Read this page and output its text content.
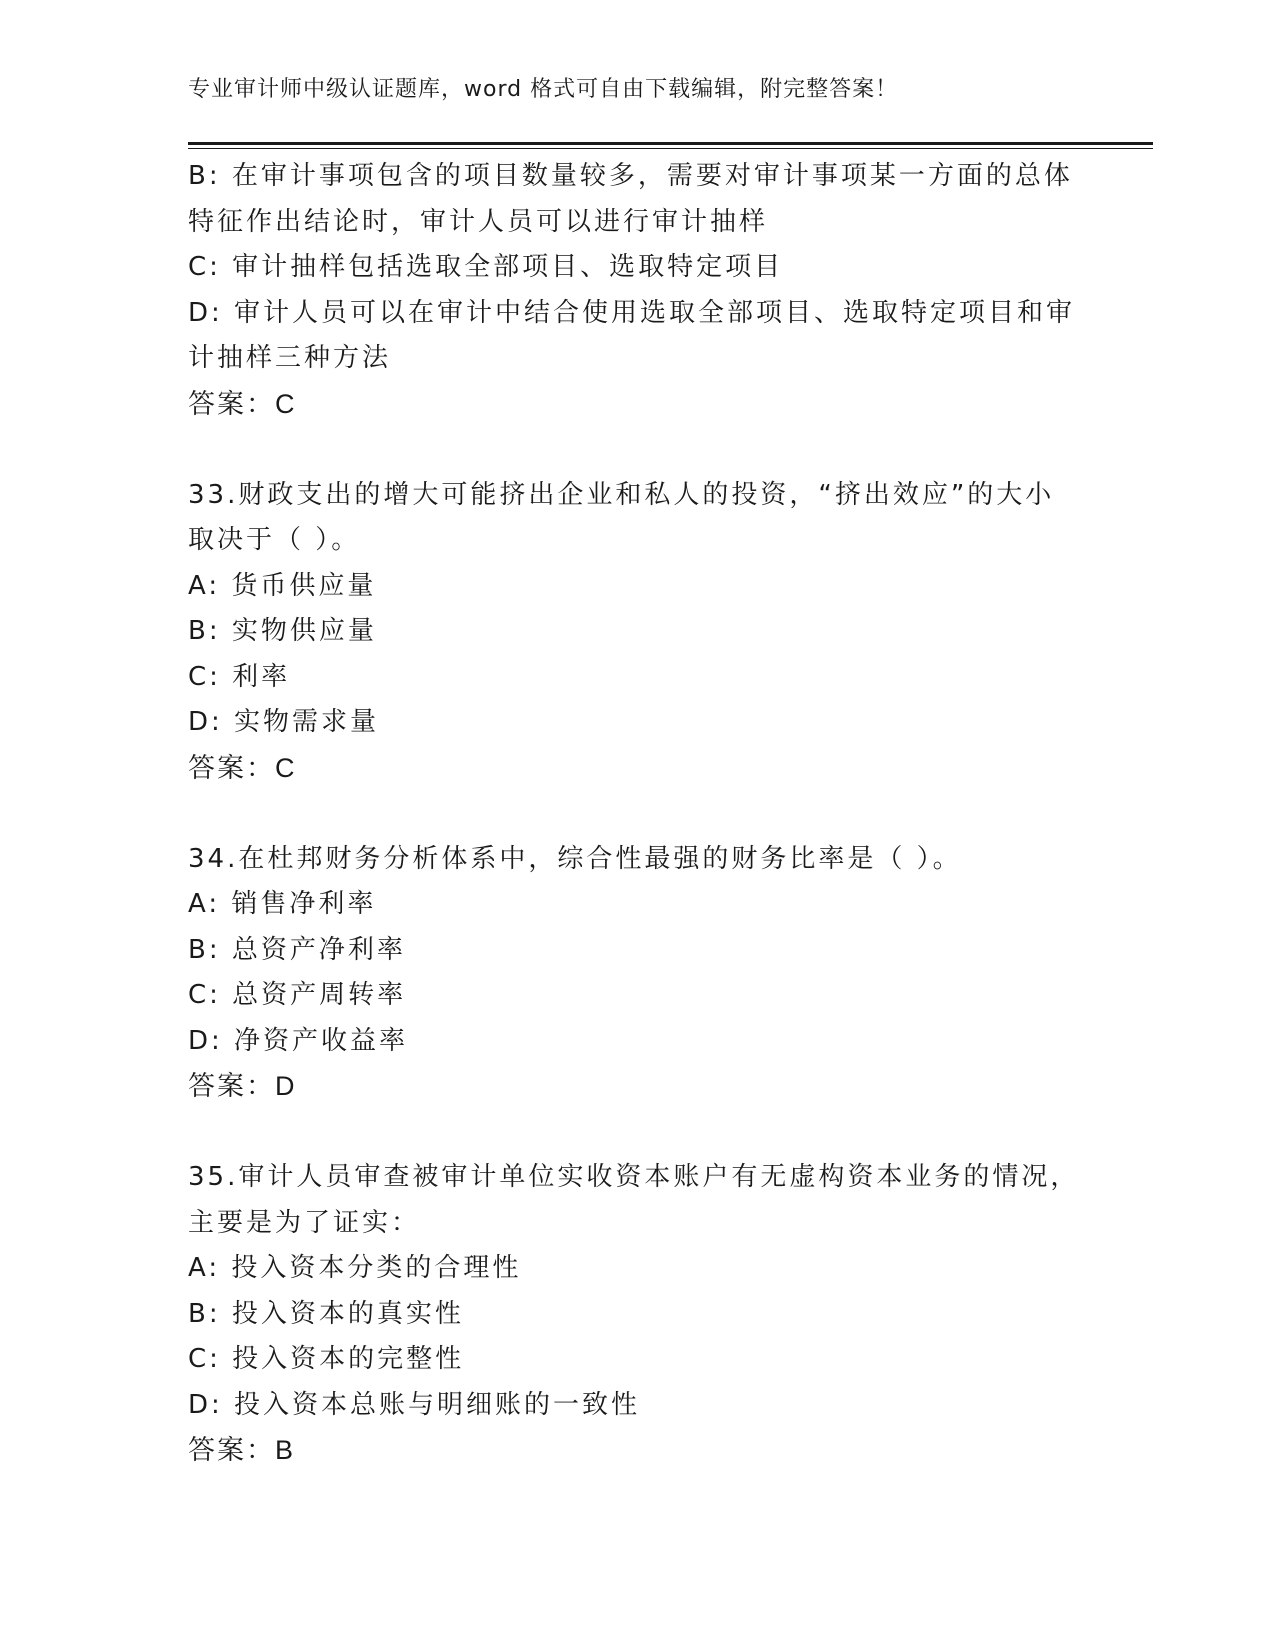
专业审计师中级认证题库，word 格式可自由下载编辑，附完整答案！
B: 在审计事项包含的项目数量较多，需要对审计事项某一方面的总体
特征作出结论时，审计人员可以进行审计抽样
C: 审计抽样包括选取全部项目、选取特定项目
D: 审计人员可以在审计中结合使用选取全部项目、选取特定项目和审
计抽样三种方法
答案：C
33.财政支出的增大可能挤出企业和私人的投资，“挤出效应”的大小
取决于（ ）。
A: 货币供应量
B: 实物供应量
C: 利率
D: 实物需求量
答案：C
34.在杜邦财务分析体系中，综合性最强的财务比率是（ ）。
A: 销售净利率
B: 总资产净利率
C: 总资产周转率
D: 净资产收益率
答案：D
35.审计人员审查被审计单位实收资本账户有无虚构资本业务的情况，
主要是为了证实：
A: 投入资本分类的合理性
B: 投入资本的真实性
C: 投入资本的完整性
D: 投入资本总账与明细账的一致性
答案：B
